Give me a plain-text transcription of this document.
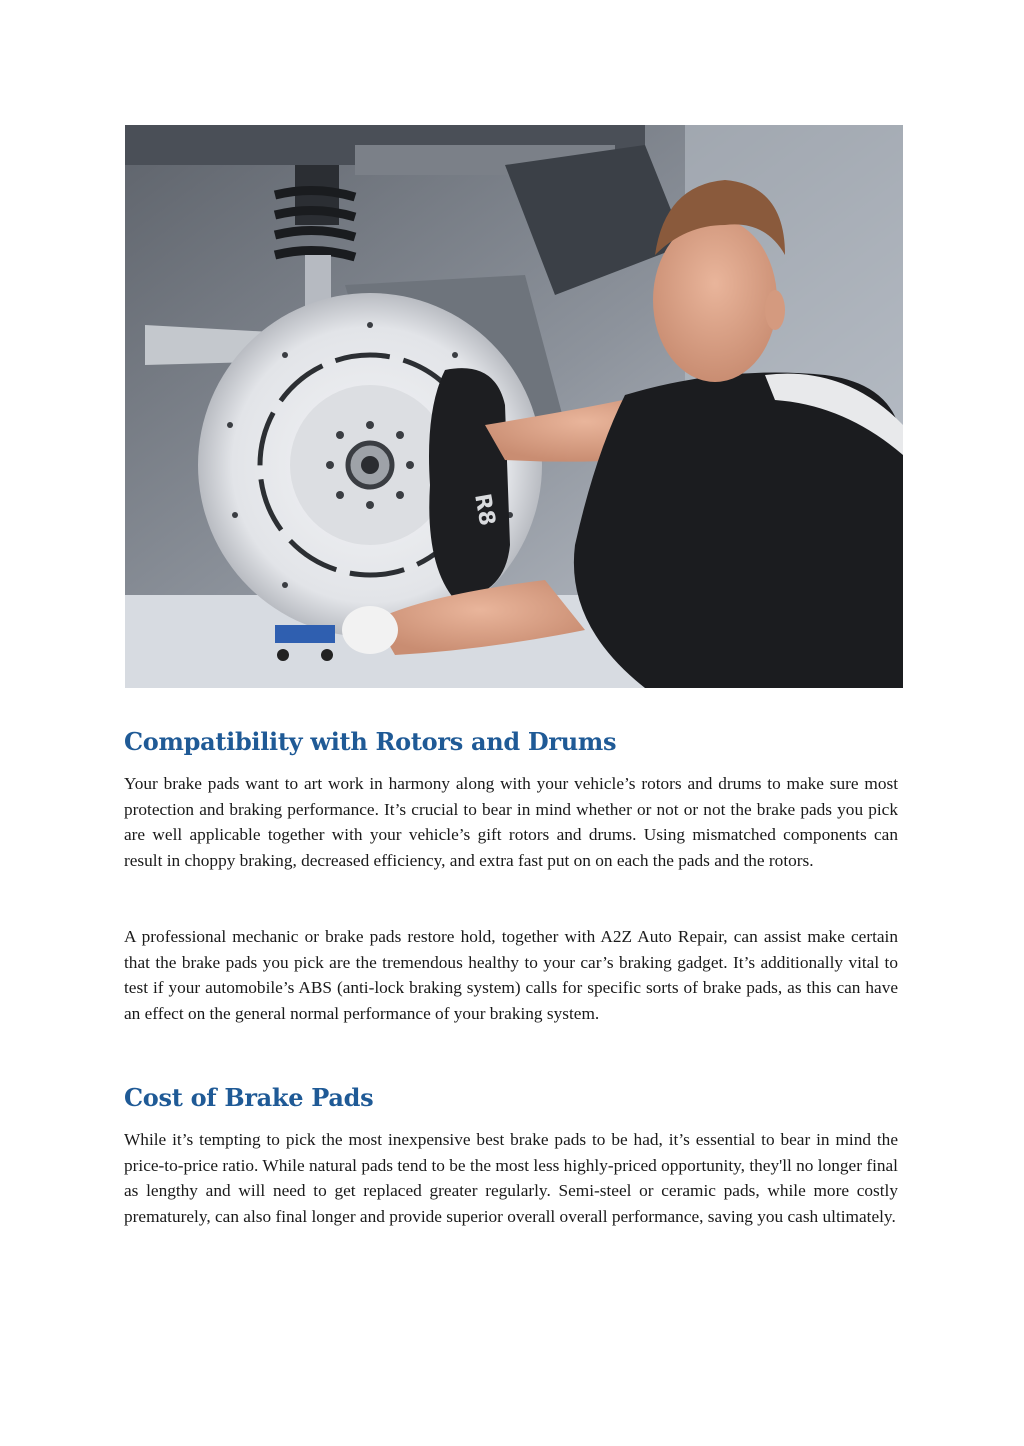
R8
Compatibility with Rotors and Drums

Your brake pads want to art work in harmony along with your vehicle’s rotors and drums to make sure most protection and braking performance. It’s crucial to bear in mind whether or not or not the brake pads you pick are well applicable together with your vehicle’s gift rotors and drums. Using mismatched components can result in choppy braking, decreased efficiency, and extra fast put on on each the pads and the rotors.

A professional mechanic or brake pads restore hold, together with A2Z Auto Repair, can assist make certain that the brake pads you pick are the tremendous healthy to your car’s braking gadget. It’s additionally vital to test if your automobile’s ABS (anti-lock braking system) calls for specific sorts of brake pads, as this can have an effect on the general normal performance of your braking system.

Cost of Brake Pads

While it’s tempting to pick the most inexpensive best brake pads to be had, it’s essential to bear in mind the price-to-price ratio. While natural pads tend to be the most less highly-priced opportunity, they'll no longer final as lengthy and will need to get replaced greater regularly. Semi-steel or ceramic pads, while more costly prematurely, can also final longer and provide superior overall overall performance, saving you cash ultimately.
